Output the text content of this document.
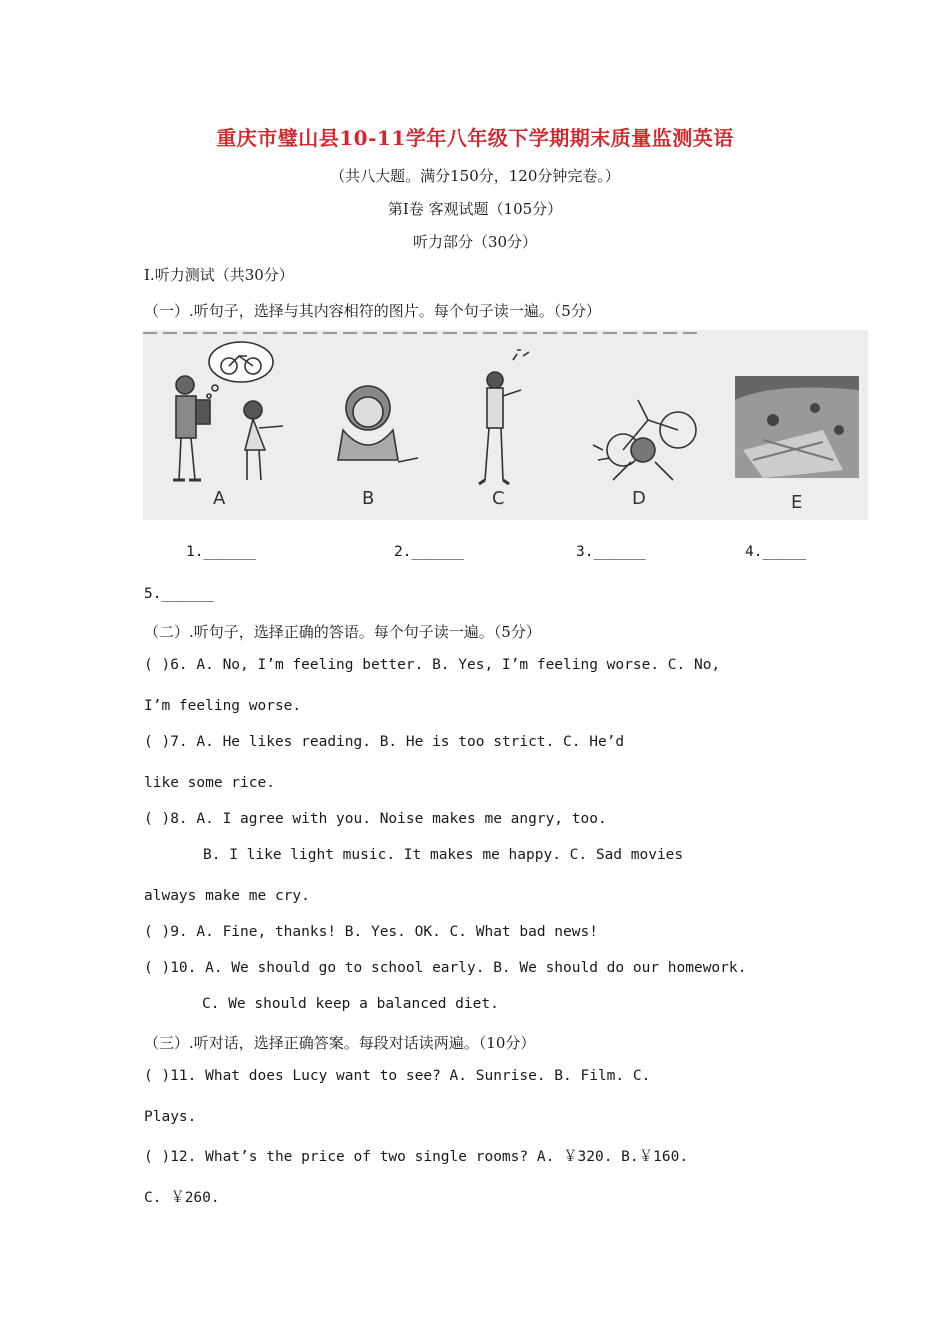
重庆市璧山县10-11学年八年级下学期期末质量监测英语
（共八大题。满分150分，120分钟完卷。）
第Ⅰ卷 客观试题（105分）
听力部分（30分）
I.听力测试（共30分）
（一）.听句子，选择与其内容相符的图片。每个句子读一遍。（5分）
A	B	C	D	E
1.______	2.______	3.______	4._____
5.______
（二）.听句子，选择正确的答语。每个句子读一遍。（5分）
( )6. A. No, I’m feeling better. B. Yes, I’m feeling worse. C. No,
I’m feeling worse.
( )7. A. He likes reading. B. He is too strict. C. He’d
like some rice.
( )8. A. I agree with you. Noise makes me angry, too.
B. I like light music. It makes me happy. C. Sad movies
always make me cry.
( )9. A. Fine, thanks! B. Yes. OK. C. What bad news!
( )10. A. We should go to school early. B. We should do our homework.
C. We should keep a balanced diet.
（三）.听对话，选择正确答案。每段对话读两遍。（10分）
( )11. What does Lucy want to see? A. Sunrise. B. Film. C.
Plays.
( )12. What’s the price of two single rooms? A. ￥320. B.￥160.
C. ￥260.
